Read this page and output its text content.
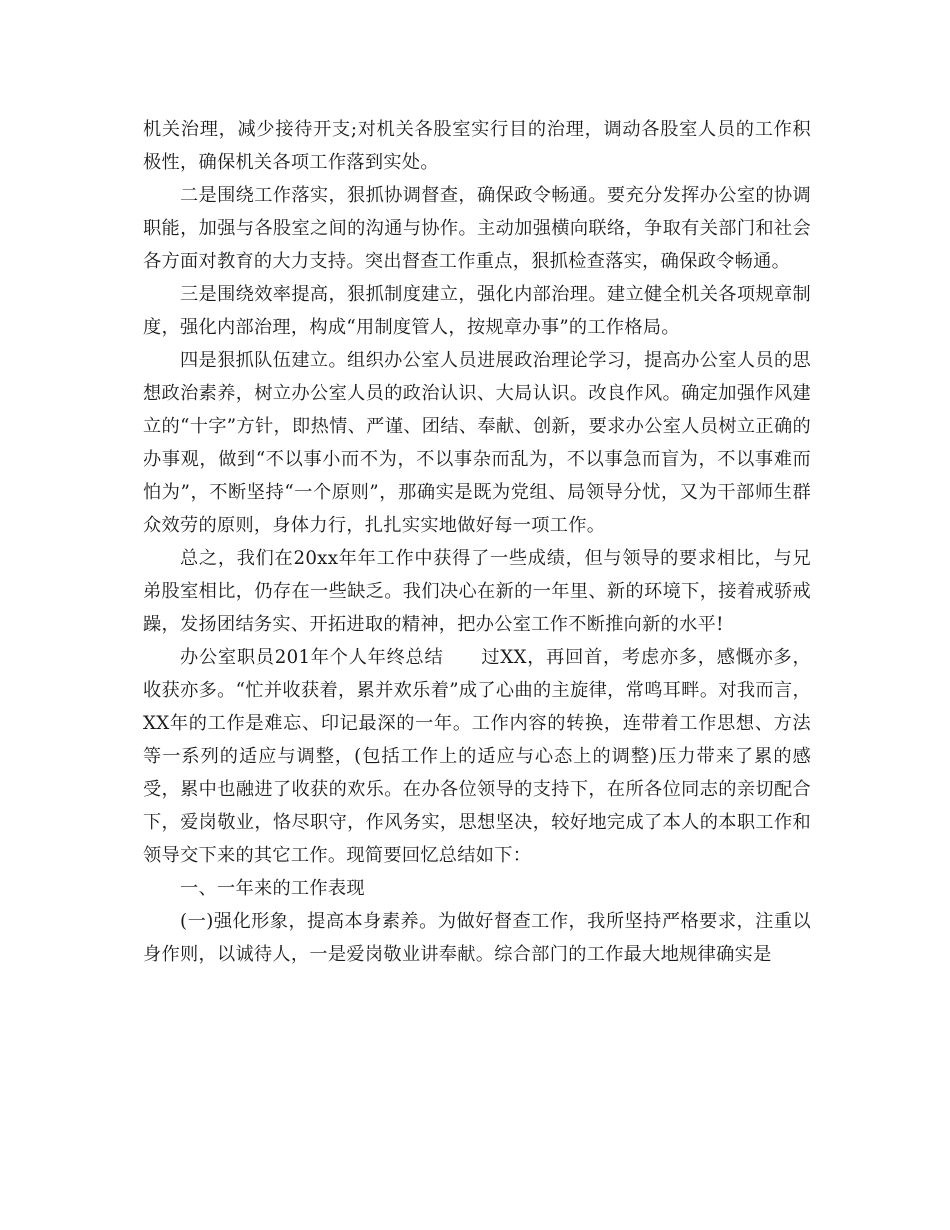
机关治理，减少接待开支;对机关各股室实行目的治理，调动各股室人员的工作积极性，确保机关各项工作落到实处。

二是围绕工作落实，狠抓协调督查，确保政令畅通。要充分发挥办公室的协调职能，加强与各股室之间的沟通与协作。主动加强横向联络，争取有关部门和社会各方面对教育的大力支持。突出督查工作重点，狠抓检查落实，确保政令畅通。

三是围绕效率提高，狠抓制度建立，强化内部治理。建立健全机关各项规章制度，强化内部治理，构成“用制度管人，按规章办事”的工作格局。

四是狠抓队伍建立。组织办公室人员进展政治理论学习，提高办公室人员的思想政治素养，树立办公室人员的政治认识、大局认识。改良作风。确定加强作风建立的“十字”方针，即热情、严谨、团结、奉献、创新，要求办公室人员树立正确的办事观，做到“不以事小而不为，不以事杂而乱为，不以事急而盲为，不以事难而怕为”，不断坚持“一个原则”，那确实是既为党组、局领导分忧，又为干部师生群众效劳的原则，身体力行，扎扎实实地做好每一项工作。

总之，我们在20xx年年工作中获得了一些成绩，但与领导的要求相比，与兄弟股室相比，仍存在一些缺乏。我们决心在新的一年里、新的环境下，接着戒骄戒躁，发扬团结务实、开拓进取的精神，把办公室工作不断推向新的水平!

办公室职员201年个人年终总结　　过XX，再回首，考虑亦多，感慨亦多，收获亦多。“忙并收获着，累并欢乐着”成了心曲的主旋律，常鸣耳畔。对我而言，XX年的工作是难忘、印记最深的一年。工作内容的转换，连带着工作思想、方法等一系列的适应与调整，(包括工作上的适应与心态上的调整)压力带来了累的感受，累中也融进了收获的欢乐。在办各位领导的支持下，在所各位同志的亲切配合下，爱岗敬业，恪尽职守，作风务实，思想坚决，较好地完成了本人的本职工作和领导交下来的其它工作。现简要回忆总结如下：

一、一年来的工作表现

(一)强化形象，提高本身素养。为做好督查工作，我所坚持严格要求，注重以身作则，以诚待人，一是爱岗敬业讲奉献。综合部门的工作最大地规律确实是
